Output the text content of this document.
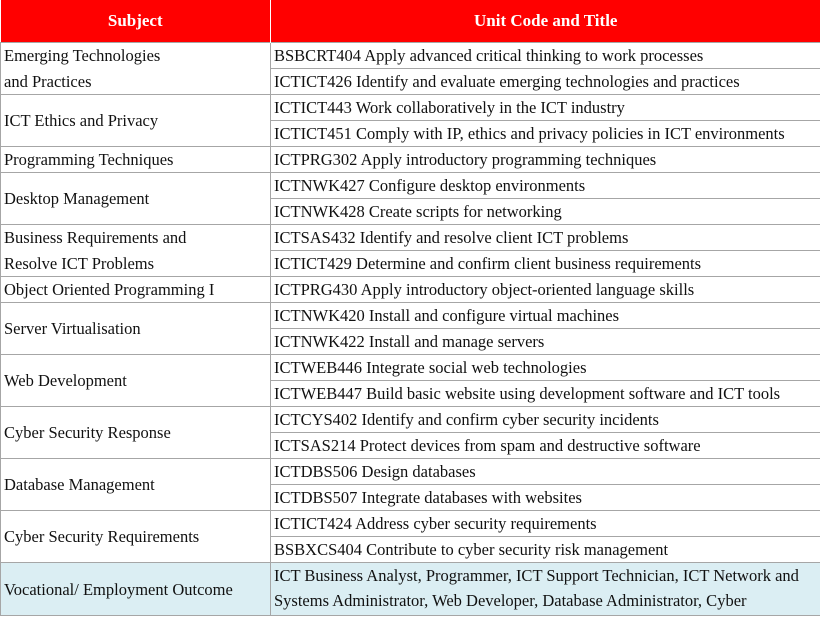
Subject	Unit Code and Title
Emerging Technologies	BSBCRT404 Apply advanced critical thinking to work processes
and Practices	ICTICT426 Identify and evaluate emerging technologies and practices
ICT Ethics and Privacy	ICTICT443 Work collaboratively in the ICT industry
	ICTICT451 Comply with IP, ethics and privacy policies in ICT environments
Programming Techniques	ICTPRG302 Apply introductory programming techniques
Desktop Management	ICTNWK427 Configure desktop environments
	ICTNWK428 Create scripts for networking
Business Requirements and	ICTSAS432 Identify and resolve client ICT problems
Resolve ICT Problems	ICTICT429 Determine and confirm client business requirements
Object Oriented Programming I	ICTPRG430 Apply introductory object-oriented language skills
Server Virtualisation	ICTNWK420 Install and configure virtual machines
	ICTNWK422 Install and manage servers
Web Development	ICTWEB446 Integrate social web technologies
	ICTWEB447 Build basic website using development software and ICT tools
Cyber Security Response	ICTCYS402 Identify and confirm cyber security incidents
	ICTSAS214 Protect devices from spam and destructive software
Database Management	ICTDBS506 Design databases
	ICTDBS507 Integrate databases with websites
Cyber Security Requirements	ICTICT424 Address cyber security requirements
	BSBXCS404 Contribute to cyber security risk management
Vocational/ Employment Outcome	ICT Business Analyst, Programmer, ICT Support Technician, ICT Network and
Systems Administrator, Web Developer, Database Administrator, Cyber
